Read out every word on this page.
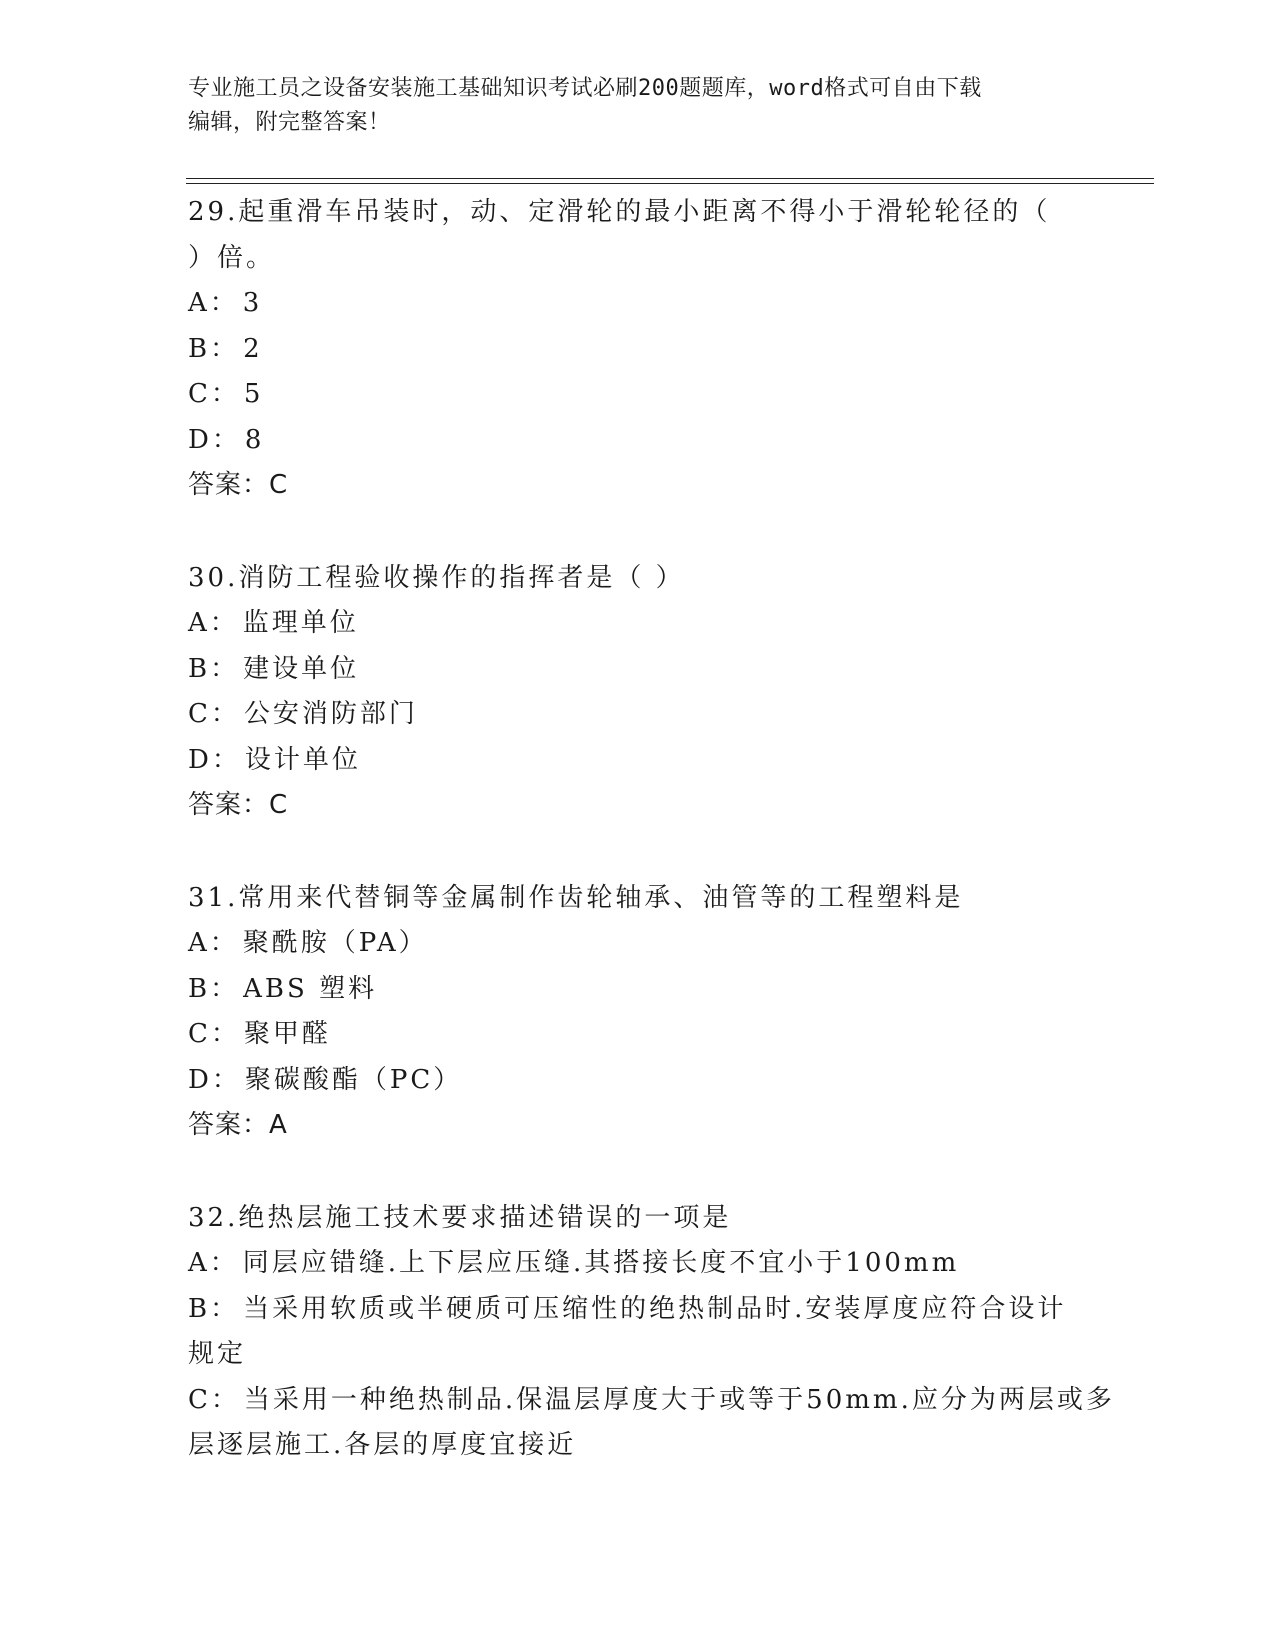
专业施工员之设备安装施工基础知识考试必刷200题题库，word格式可自由下载
编辑，附完整答案！
29.起重滑车吊装时，动、定滑轮的最小距离不得小于滑轮轮径的（
）倍。
A： 3
B： 2
C： 5
D： 8
答案：C
30.消防工程验收操作的指挥者是（ ）
A： 监理单位
B： 建设单位
C： 公安消防部门
D： 设计单位
答案：C
31.常用来代替铜等金属制作齿轮轴承、油管等的工程塑料是
A： 聚酰胺（PA）
B： ABS 塑料
C： 聚甲醛
D： 聚碳酸酯（PC）
答案：A
32.绝热层施工技术要求描述错误的一项是
A： 同层应错缝.上下层应压缝.其搭接长度不宜小于100mm
B： 当采用软质或半硬质可压缩性的绝热制品时.安装厚度应符合设计
规定
C： 当采用一种绝热制品.保温层厚度大于或等于50mm.应分为两层或多
层逐层施工.各层的厚度宜接近
